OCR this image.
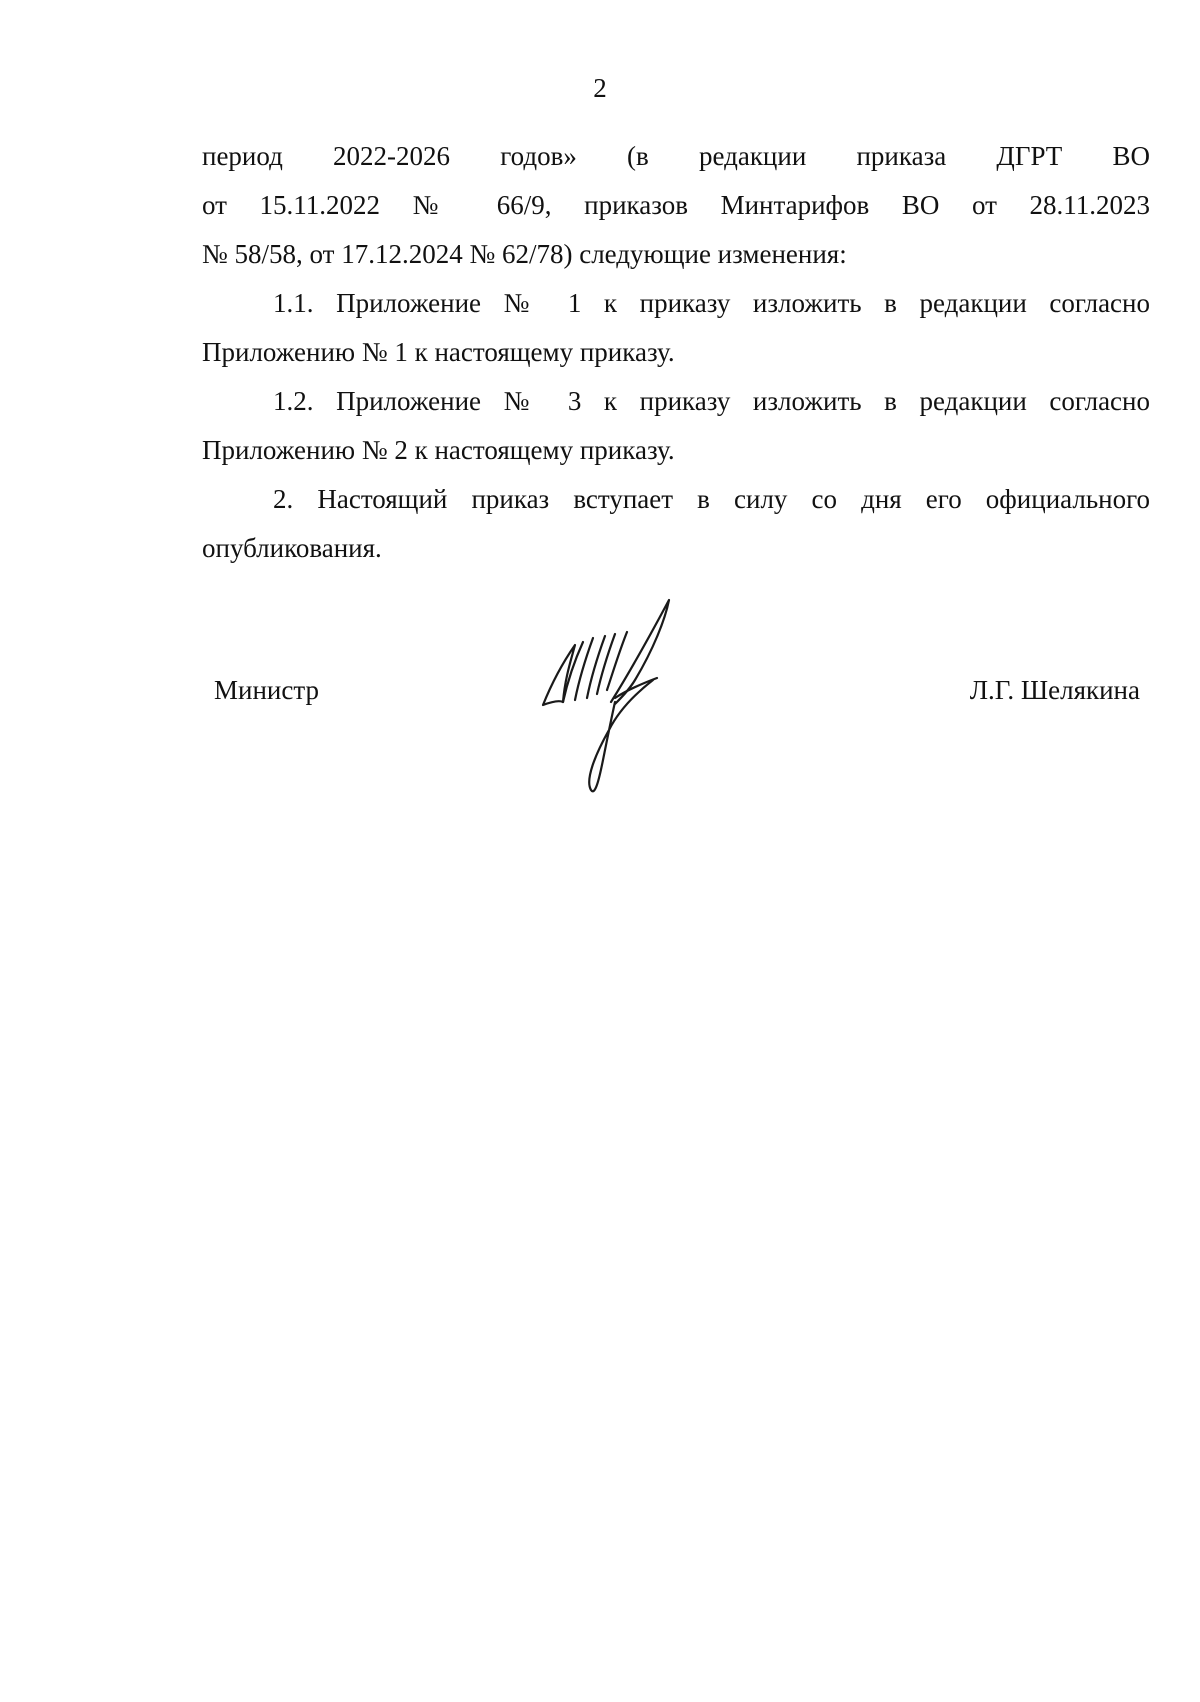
2

период 2022-2026 годов» (в редакции приказа ДГРТ ВО
от 15.11.2022 № 66/9, приказов Минтарифов ВО от 28.11.2023
№ 58/58, от 17.12.2024 № 62/78) следующие изменения:

1.1. Приложение № 1 к приказу изложить в редакции согласно
Приложению № 1 к настоящему приказу.

1.2. Приложение № 3 к приказу изложить в редакции согласно
Приложению № 2 к настоящему приказу.

2. Настоящий приказ вступает в силу со дня его официального
опубликования.

Министр	Л.Г. Шелякина
